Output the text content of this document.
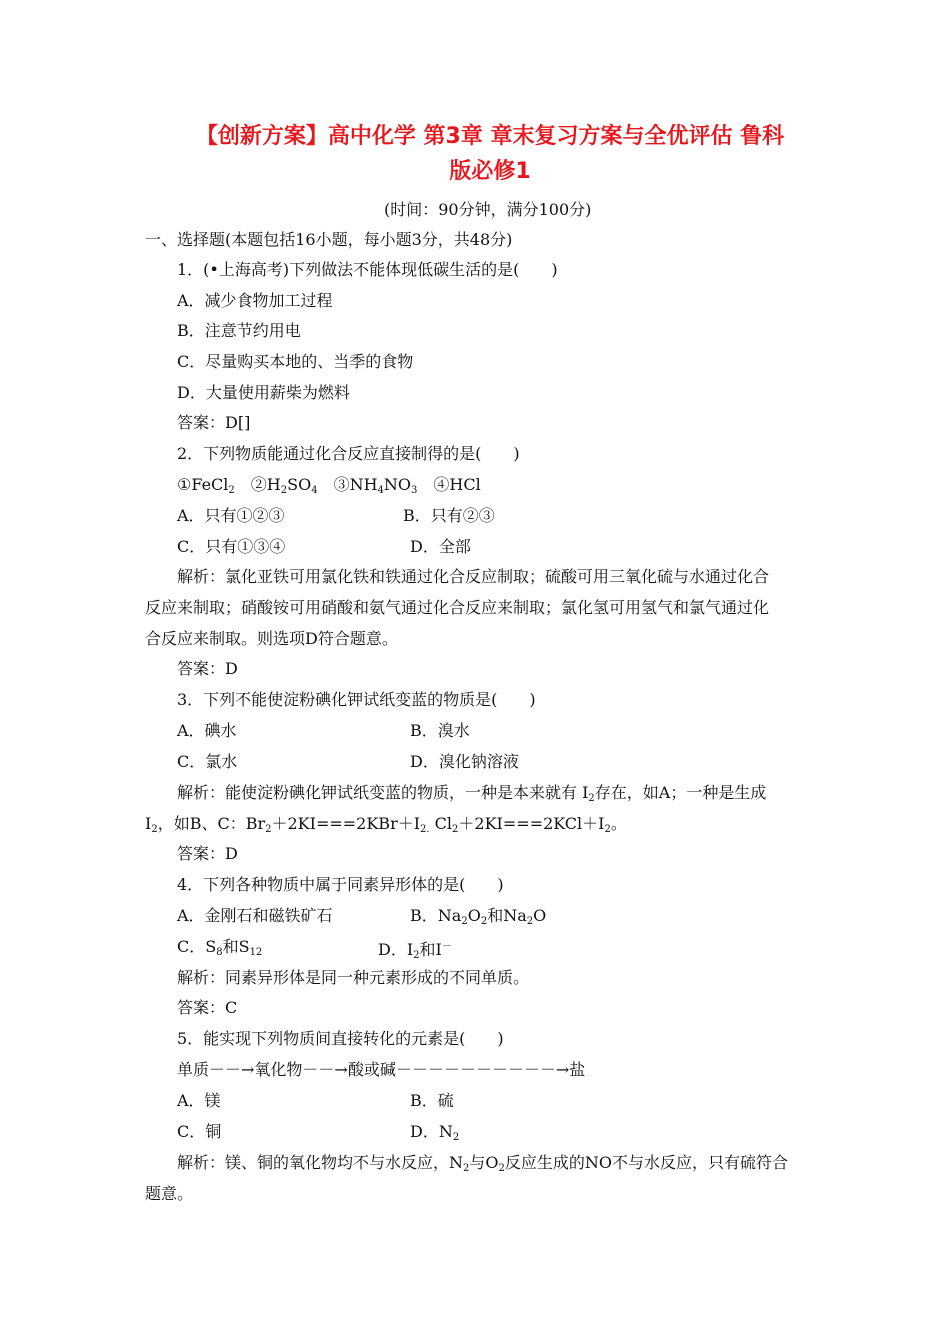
【创新方案】高中化学 第3章 章末复习方案与全优评估 鲁科
版必修1
(时间：90分钟，满分100分)
一、选择题(本题包括16小题，每小题3分，共48分)
1．(•上海高考)下列做法不能体现低碳生活的是(　　)
A．减少食物加工过程
B．注意节约用电
C．尽量购买本地的、当季的食物
D．大量使用薪柴为燃料
答案：D[]
2．下列物质能通过化合反应直接制得的是(　　)
①FeCl$_2$　$②H_2SO_4$　$③NH_4NO_3$　④HCl
A．只有①②③	B．只有②③
C．只有①③④	D．全部
解析：氯化亚铁可用氯化铁和铁通过化合反应制取；硫酸可用三氧化硫与水通过化合
反应来制取；硝酸铵可用硝酸和氨气通过化合反应来制取；氯化氢可用氢气和氯气通过化
合反应来制取。则选项D符合题意。
答案：D
3．下列不能使淀粉碘化钾试纸变蓝的物质是(　　)
A．碘水	B．溴水
C．氯水	D．溴化钠溶液
解析：能使淀粉碘化钾试纸变蓝的物质，一种是本来就有 $I_2$存在，如A；一种是生成
$I_2$，如B、C：$Br_2+2KI===2KBr+I_{2.}$ $Cl_2+2KI===2KCl+I_2$。
答案：D
4．下列各种物质中属于同素异形体的是(　　)
A．金刚石和磁铁矿石	B．$Na_2O_2$和$Na_2O$
C．$S_8$和$S_{12}$	D．$I_2$和I－
解析：同素异形体是同一种元素形成的不同单质。
答案：C
5．能实现下列物质间直接转化的元素是(　　)
单质－－→氧化物－－→酸或碱－－－－－－－－－－→盐
A．镁	B．硫
C．铜	D．$N_2$
解析：镁、铜的氧化物均不与水反应，$N_2$与$O_2$反应生成的NO不与水反应，只有硫符合
题意。
